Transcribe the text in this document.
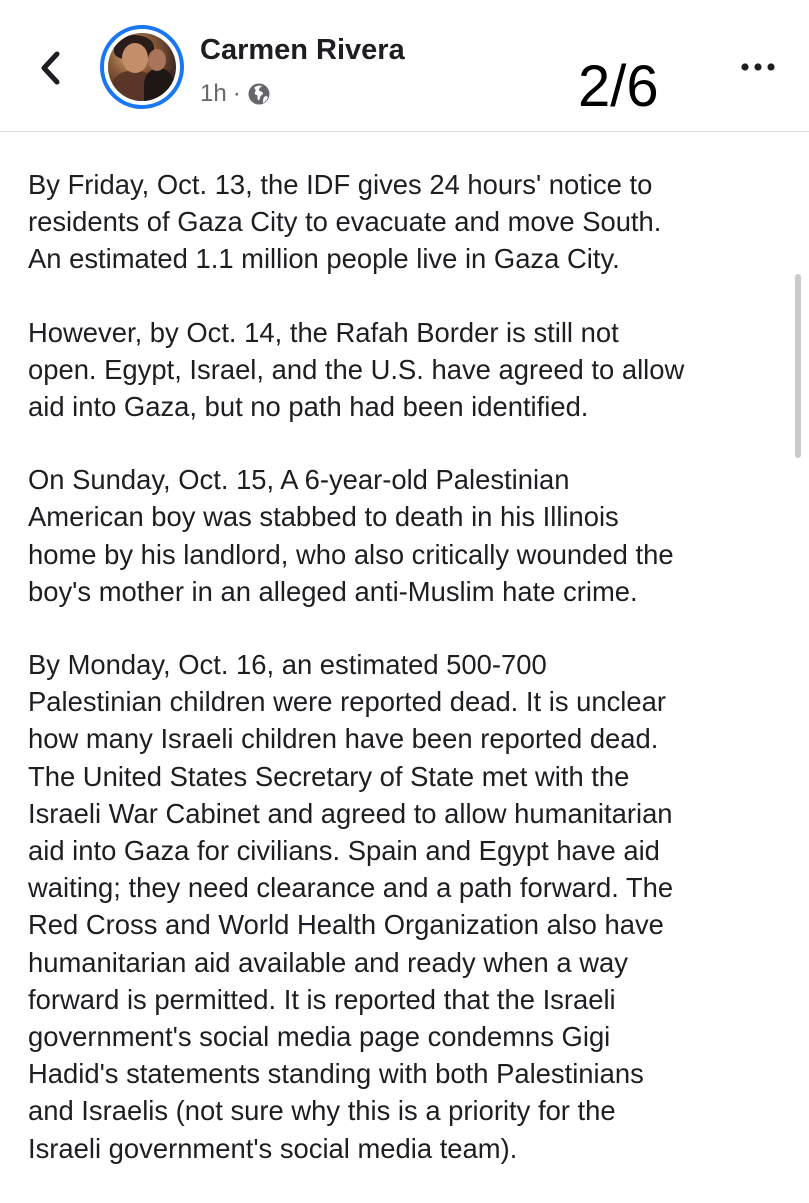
Carmen Rivera
1h ·	2/6

By Friday, Oct. 13, the IDF gives 24 hours' notice to
residents of Gaza City to evacuate and move South.
An estimated 1.1 million people live in Gaza City.

However, by Oct. 14, the Rafah Border is still not
open. Egypt, Israel, and the U.S. have agreed to allow
aid into Gaza, but no path had been identified.

On Sunday, Oct. 15, A 6-year-old Palestinian
American boy was stabbed to death in his Illinois
home by his landlord, who also critically wounded the
boy's mother in an alleged anti-Muslim hate crime.

By Monday, Oct. 16, an estimated 500-700
Palestinian children were reported dead. It is unclear
how many Israeli children have been reported dead.
The United States Secretary of State met with the
Israeli War Cabinet and agreed to allow humanitarian
aid into Gaza for civilians. Spain and Egypt have aid
waiting; they need clearance and a path forward. The
Red Cross and World Health Organization also have
humanitarian aid available and ready when a way
forward is permitted. It is reported that the Israeli
government's social media page condemns Gigi
Hadid's statements standing with both Palestinians
and Israelis (not sure why this is a priority for the
Israeli government's social media team).
